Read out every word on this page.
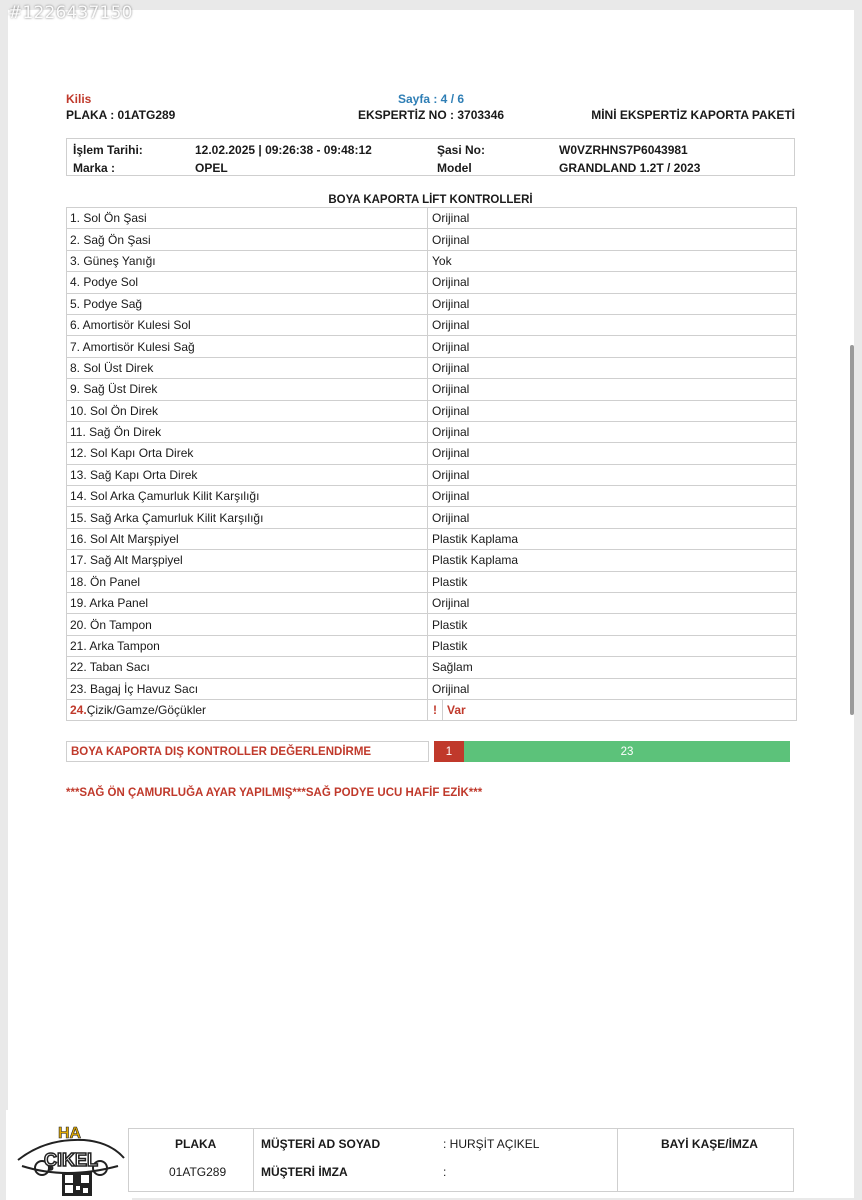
#1226437150
Kilis	Sayfa : 4 / 6
PLAKA : 01ATG289	EKSPERTİZ NO : 3703346	MİNİ EKSPERTİZ KAPORTA PAKETİ
İşlem Tarihi:	12.02.2025 | 09:26:38 - 09:48:12	Şasi No:	W0VZRHNS7P6043981
Marka :	OPEL	Model	GRANDLAND 1.2T / 2023
BOYA KAPORTA LİFT KONTROLLERİ
1. Sol Ön Şasi	Orijinal
2. Sağ Ön Şasi	Orijinal
3. Güneş Yanığı	Yok
4. Podye Sol	Orijinal
5. Podye Sağ	Orijinal
6. Amortisör Kulesi Sol	Orijinal
7. Amortisör Kulesi Sağ	Orijinal
8. Sol Üst Direk	Orijinal
9. Sağ Üst Direk	Orijinal
10. Sol Ön Direk	Orijinal
11. Sağ Ön Direk	Orijinal
12. Sol Kapı Orta Direk	Orijinal
13. Sağ Kapı Orta Direk	Orijinal
14. Sol Arka Çamurluk Kilit Karşılığı	Orijinal
15. Sağ Arka Çamurluk Kilit Karşılığı	Orijinal
16. Sol Alt Marşpiyel	Plastik Kaplama
17. Sağ Alt Marşpiyel	Plastik Kaplama
18. Ön Panel	Plastik
19. Arka Panel	Orijinal
20. Ön Tampon	Plastik
21. Arka Tampon	Plastik
22. Taban Sacı	Sağlam
23. Bagaj İç Havuz Sacı	Orijinal
24. Çizik/Gamze/Göçükler	! Var
BOYA KAPORTA DIŞ KONTROLLER DEĞERLENDİRME	1	23
***SAĞ ÖN ÇAMURLUĞA AYAR YAPILMIŞ***SAĞ PODYE UCU HAFİF EZİK***
HA
ÇIKEL
PLAKA
01ATG289
MÜŞTERİ AD SOYAD	: HURŞİT AÇIKEL
MÜŞTERİ İMZA	:
BAYİ KAŞE/İMZA
